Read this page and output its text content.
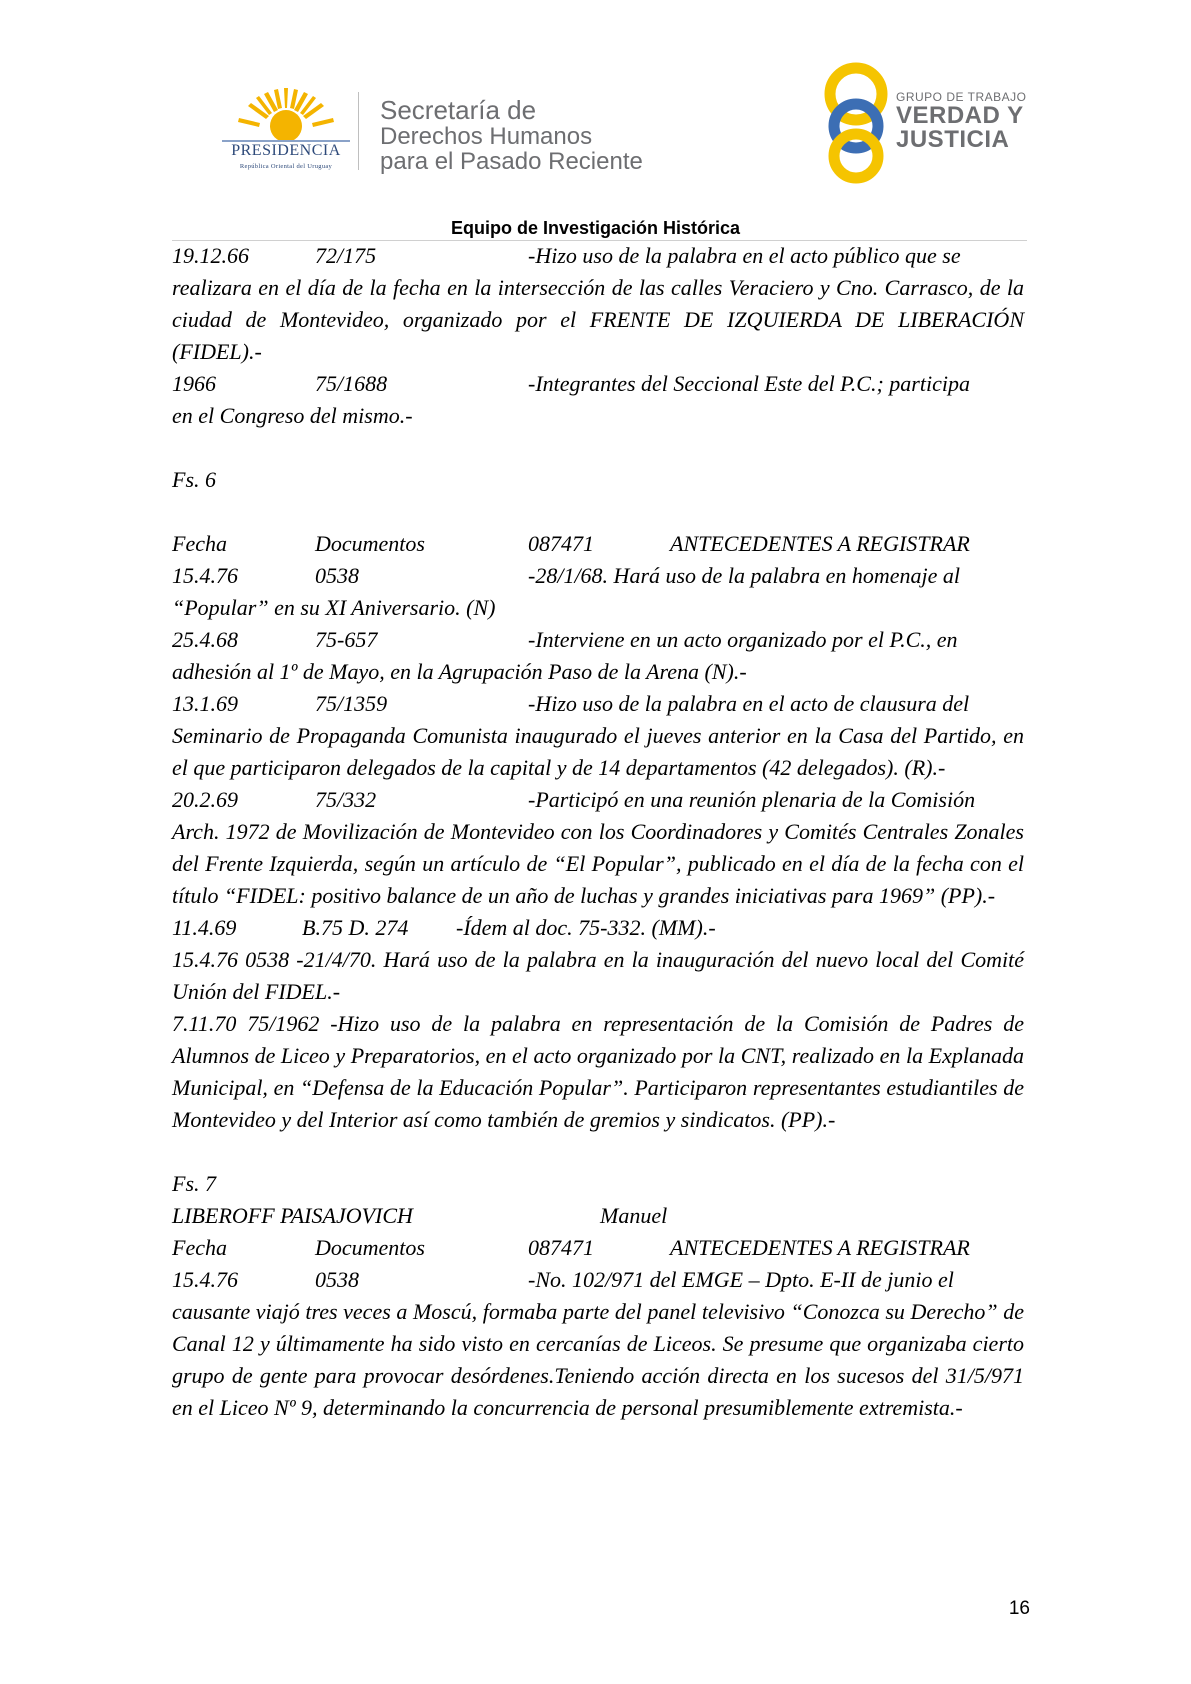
PRESIDENCIA
República Oriental del Uruguay
Secretaría de
Derechos Humanos
para el Pasado Reciente
GRUPO DE TRABAJO
VERDAD Y
JUSTICIA
Equipo de Investigación Histórica
19.12.66	72/175	-Hizo uso de la palabra en el acto público que se

realizara en el día de la fecha en la intersección de las calles Veraciero y Cno. Carrasco, de la ciudad de Montevideo, organizado por el FRENTE DE IZQUIERDA DE LIBERACIÓN (FIDEL).-

1966	75/1688	-Integrantes del Seccional Este del P.C.; participa

en el Congreso del mismo.-

Fs. 6

Fecha	Documentos	087471	ANTECEDENTES A REGISTRAR
15.4.76	0538	-28/1/68. Hará uso de la palabra en homenaje al

“Popular” en su XI Aniversario. (N)

25.4.68	75-657	-Interviene en un acto organizado por el P.C., en

adhesión al 1º de Mayo, en la Agrupación Paso de la Arena (N).-

13.1.69	75/1359	-Hizo uso de la palabra en el acto de clausura del

Seminario de Propaganda Comunista inaugurado el jueves anterior en la Casa del Partido, en el que participaron delegados de la capital y de 14 departamentos (42 delegados). (R).-

20.2.69	75/332	-Participó en una reunión plenaria de la Comisión

Arch. 1972 de Movilización de Montevideo con los Coordinadores y Comités Centrales Zonales del Frente Izquierda, según un artículo de “El Popular”, publicado en el día de la fecha con el título “FIDEL: positivo balance de un año de luchas y grandes iniciativas para 1969” (PP).-

11.4.69	B.75 D. 274	-Ídem al doc. 75-332. (MM).-

15.4.76 0538 -21/4/70. Hará uso de la palabra en la inauguración del nuevo local del Comité Unión del FIDEL.-

7.11.70 75/1962 -Hizo uso de la palabra en representación de la Comisión de Padres de Alumnos de Liceo y Preparatorios, en el acto organizado por la CNT, realizado en la Explanada Municipal, en “Defensa de la Educación Popular”. Participaron representantes estudiantiles de Montevideo y del Interior así como también de gremios y sindicatos. (PP).-

Fs. 7

LIBEROFF PAISAJOVICH	Manuel
Fecha	Documentos	087471	ANTECEDENTES A REGISTRAR
15.4.76	0538	-No. 102/971 del EMGE – Dpto. E-II de junio el

causante viajó tres veces a Moscú, formaba parte del panel televisivo “Conozca su Derecho” de Canal 12 y últimamente ha sido visto en cercanías de Liceos. Se presume que organizaba cierto grupo de gente para provocar desórdenes.Teniendo acción directa en los sucesos del 31/5/971 en el Liceo Nº 9, determinando la concurrencia de personal presumiblemente extremista.-

16
